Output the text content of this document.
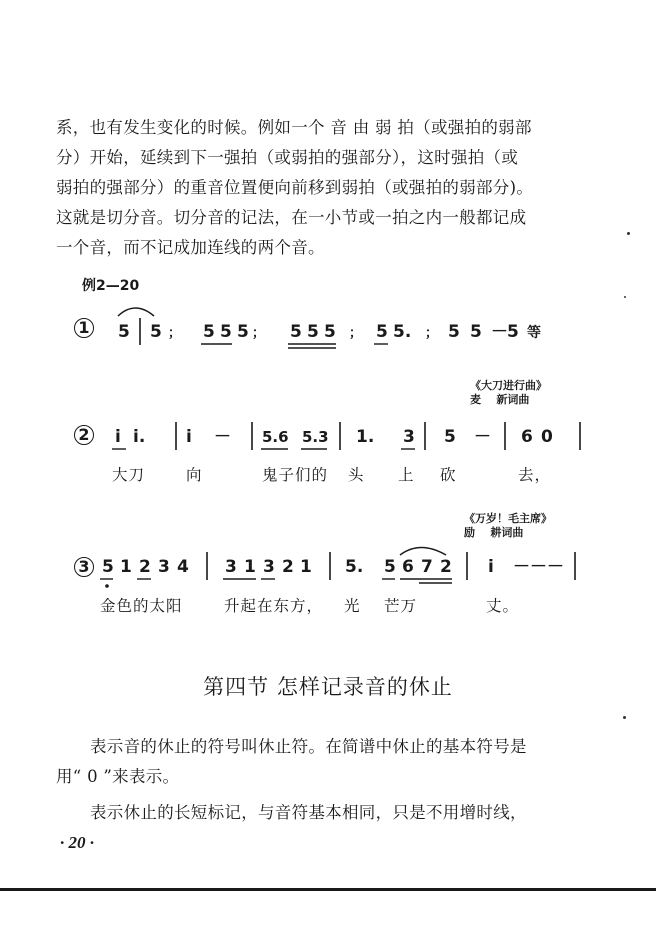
系，也有发生变化的时候。例如一个 音 由 弱 拍（或强拍的弱部
分）开始，延续到下一强拍（或弱拍的强部分），这时强拍（或
弱拍的强部分）的重音位置便向前移到弱拍（或强拍的弱部分)。
这就是切分音。切分音的记法，在一小节或一拍之内一般都记成
一个音，而不记成加连线的两个音。
例2—20
1
2
3
《大刀进行曲》
麦    新词曲
《万岁！毛主席》
励    耕词曲
5 5 ； 5 5 5 ； 5 5 5 ； 5 5. ； 5 5 － 5 等
i i. i － 5.6 5.3 1. 3 5 － 6 0
5 1 2 3 4 3 1 3 2 1 5. 5 6 7 2 i － － －
大刀	向	鬼子们的 头 上 砍	去，
金色的太阳	升起在东方， 光 芒万	丈。
第四节 怎样记录音的休止
表示音的休止的符号叫休止符。在简谱中休止的基本符号是
用“ 0 ”来表示。
表示休止的长短标记，与音符基本相同，只是不用增时线，
· 20 ·
